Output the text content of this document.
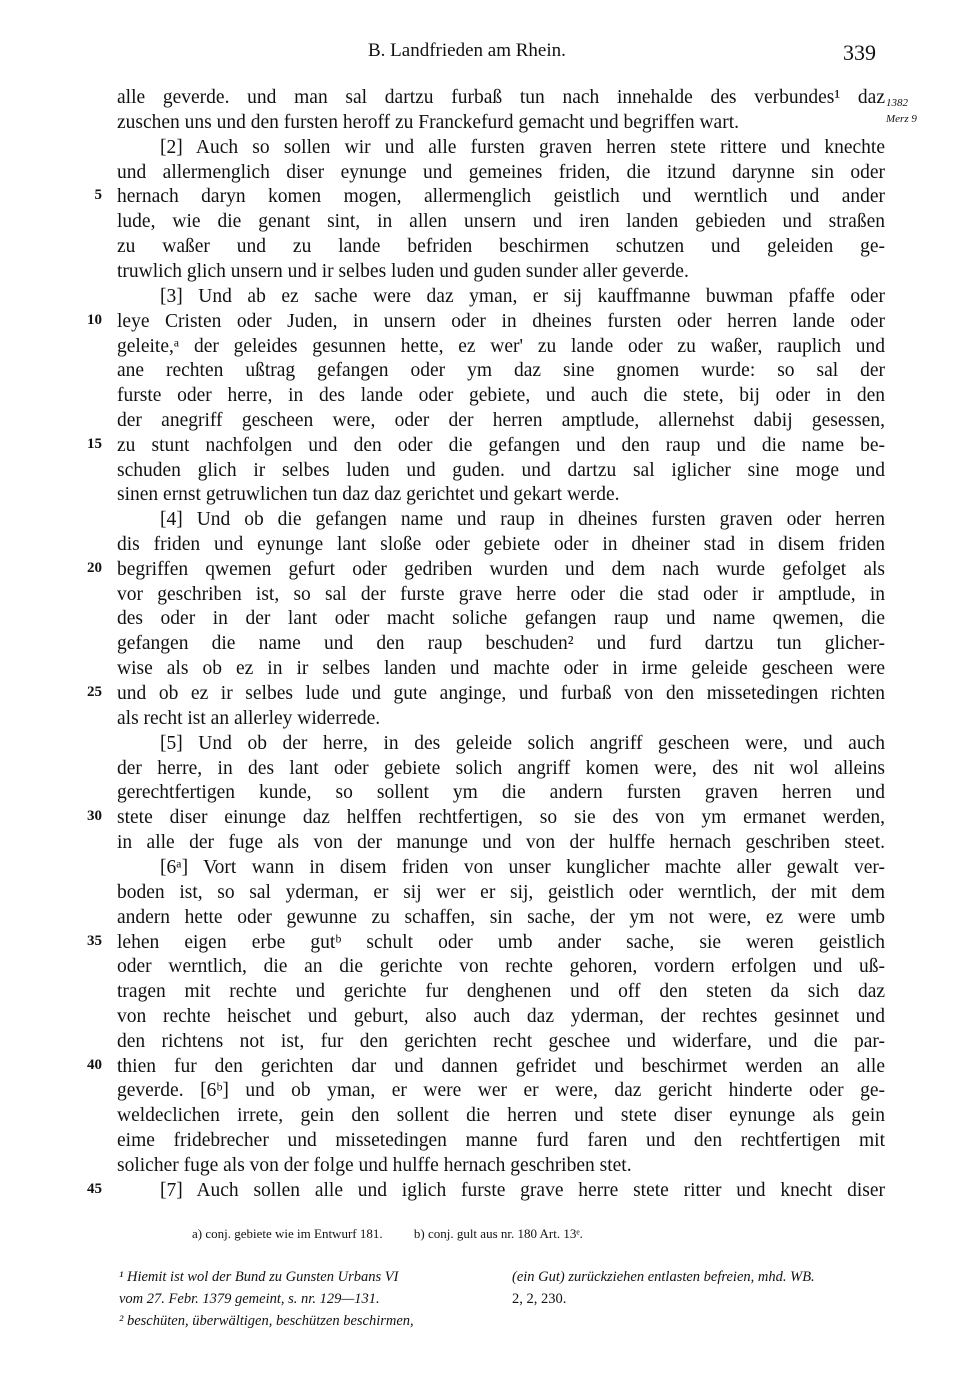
B. Landfrieden am Rhein.	339
1382
Merz 9
alle geverde. und man sal dartzu furbaß tun nach innehalde des verbundes¹ daz
zuschen uns und den fursten heroff zu Franckefurd gemacht und begriffen wart.
[2] Auch so sollen wir und alle fursten graven herren stete rittere und knechte
und allermenglich diser eynunge und gemeines friden, die itzund darynne sin oder
5 hernach daryn komen mogen, allermenglich geistlich und werntlich und ander
lude, wie die genant sint, in allen unsern und iren landen gebieden und straßen
zu waßer und zu lande befriden beschirmen schutzen und geleiden ge-
truwlich glich unsern und ir selbes luden und guden sunder aller geverde.
[3] Und ab ez sache were daz yman, er sij kauffmanne buwman pfaffe oder
10 leye Cristen oder Juden, in unsern oder in dheines fursten oder herren lande oder
geleite,ᵃ der geleides gesunnen hette, ez wer' zu lande oder zu waßer, rauplich und
ane rechten ußtrag gefangen oder ym daz sine gnomen wurde: so sal der
furste oder herre, in des lande oder gebiete, und auch die stete, bij oder in den
der anegriff gescheen were, oder der herren amptlude, allernehst dabij gesessen,
15 zu stunt nachfolgen und den oder die gefangen und den raup und die name be-
schuden glich ir selbes luden und guden. und dartzu sal iglicher sine moge und
sinen ernst getruwlichen tun daz daz gerichtet und gekart werde.
[4] Und ob die gefangen name und raup in dheines fursten graven oder herren
dis friden und eynunge lant sloße oder gebiete oder in dheiner stad in disem friden
20 begriffen qwemen gefurt oder gedriben wurden und dem nach wurde gefolget als
vor geschriben ist, so sal der furste grave herre oder die stad oder ir amptlude, in
des oder in der lant oder macht soliche gefangen raup und name qwemen, die
gefangen die name und den raup beschuden² und furd dartzu tun glicher-
wise als ob ez in ir selbes landen und machte oder in irme geleide gescheen were
25 und ob ez ir selbes lude und gute anginge, und furbaß von den missetedingen richten
als recht ist an allerley widerrede.
[5] Und ob der herre, in des geleide solich angriff gescheen were, und auch
der herre, in des lant oder gebiete solich angriff komen were, des nit wol alleins
gerechtfertigen kunde, so sollent ym die andern fursten graven herren und
30 stete diser einunge daz helffen rechtfertigen, so sie des von ym ermanet werden,
in alle der fuge als von der manunge und von der hulffe hernach geschriben steet.
[6ᵃ] Vort wann in disem friden von unser kunglicher machte aller gewalt ver-
boden ist, so sal yderman, er sij wer er sij, geistlich oder werntlich, der mit dem
andern hette oder gewunne zu schaffen, sin sache, der ym not were, ez were umb
35 lehen eigen erbe gutᵇ schult oder umb ander sache, sie weren geistlich
oder werntlich, die an die gerichte von rechte gehoren, vordern erfolgen und uß-
tragen mit rechte und gerichte fur denghenen und off den steten da sich daz
von rechte heischet und geburt, also auch daz yderman, der rechtes gesinnet und
den richtens not ist, fur den gerichten recht geschee und widerfare, und die par-
40 thien fur den gerichten dar und dannen gefridet und beschirmet werden an alle
geverde. [6ᵇ] und ob yman, er were wer er were, daz gericht hinderte oder ge-
weldeclichen irrete, gein den sollent die herren und stete diser eynunge als gein
eime fridebrecher und missetedingen manne furd faren und den rechtfertigen mit
solicher fuge als von der folge und hulffe hernach geschriben stet.
45	[7] Auch sollen alle und iglich furste grave herre stete ritter und knecht diser
a) conj. gebiete wie im Entwurf 181. b) conj. gult aus nr. 180 Art. 13ᵉ.
¹ Hiemit ist wol der Bund zu Gunsten Urbans VI
vom 27. Febr. 1379 gemeint, s. nr. 129—131.
(ein Gut) zurückziehen entlasten befreien, mhd. WB.
2, 2, 230.
² beschüten, überwältigen, beschützen beschirmen,
